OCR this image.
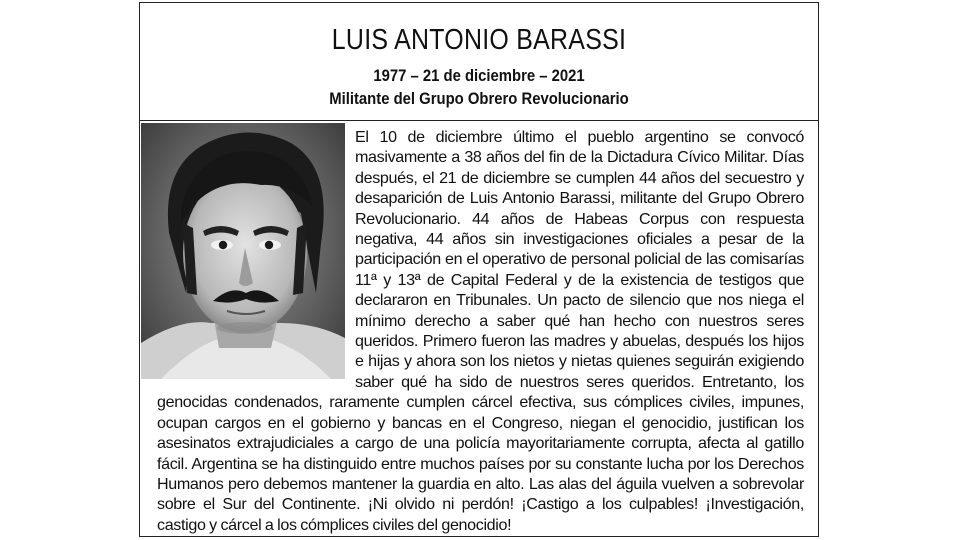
LUIS ANTONIO BARASSI
1977 – 21 de diciembre – 2021
Militante del Grupo Obrero Revolucionario
El 10 de diciembre último el pueblo argentino se convocó masivamente a 38 años del fin de la Dictadura Cívico Militar. Días después, el 21 de diciembre se cumplen 44 años del secuestro y desaparición de Luis Antonio Barassi, militante del Grupo Obrero Revolucionario. 44 años de Habeas Corpus con respuesta negativa, 44 años sin investigaciones oficiales a pesar de la participación en el operativo de personal policial de las comisarías 11ª y 13ª de Capital Federal y de la existencia de testigos que declararon en Tribunales. Un pacto de silencio que nos niega el mínimo derecho a saber qué han hecho con nuestros seres queridos. Primero fueron las madres y abuelas, después los hijos e hijas y ahora son los nietos y nietas quienes seguirán exigiendo saber qué ha sido de nuestros seres queridos. Entretanto, los genocidas condenados, raramente cumplen cárcel efectiva, sus cómplices civiles, impunes, ocupan cargos en el gobierno y bancas en el Congreso, niegan el genocidio, justifican los asesinatos extrajudiciales a cargo de una policía mayoritariamente corrupta, afecta al gatillo fácil. Argentina se ha distinguido entre muchos países por su constante lucha por los Derechos Humanos pero debemos mantener la guardia en alto. Las alas del águila vuelven a sobrevolar sobre el Sur del Continente. ¡Ni olvido ni perdón! ¡Castigo a los culpables! ¡Investigación, castigo y cárcel a los cómplices civiles del genocidio!
